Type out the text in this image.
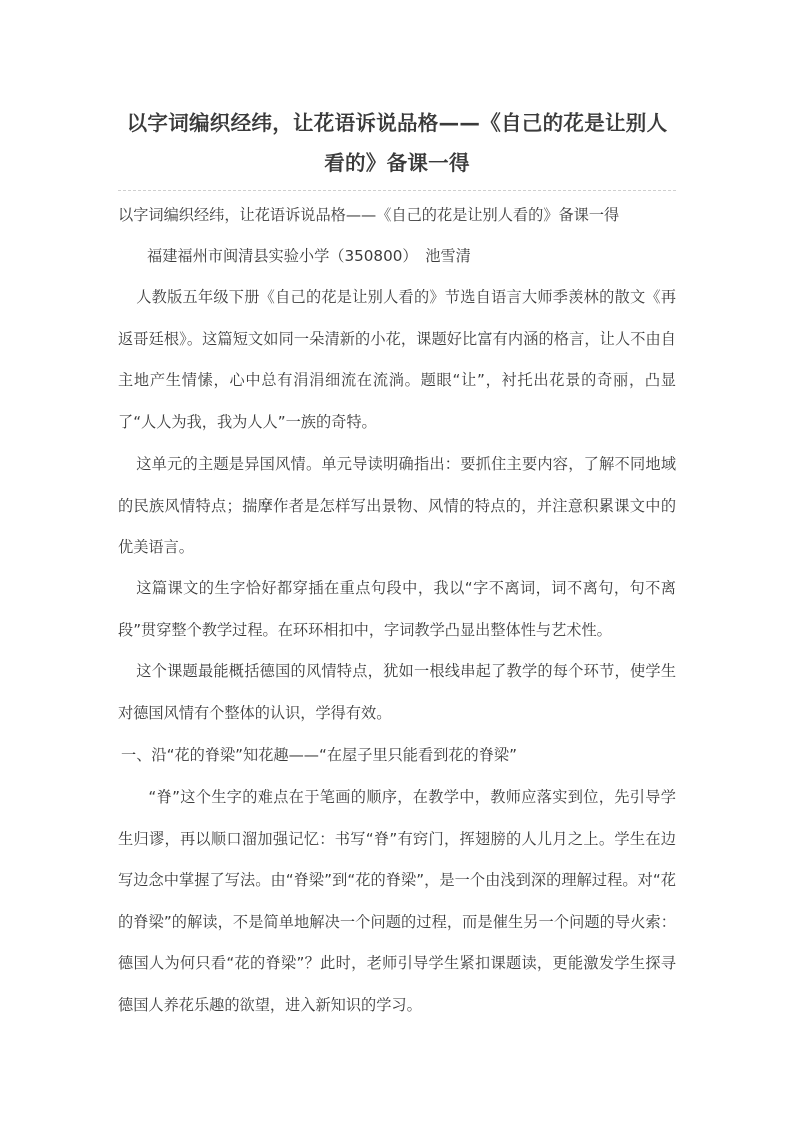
以字词编织经纬，让花语诉说品格——《自己的花是让别人看的》备课一得
以字词编织经纬，让花语诉说品格——《自己的花是让别人看的》备课一得
福建福州市闽清县实验小学（350800）　池雪清

人教版五年级下册《自己的花是让别人看的》节选自语言大师季羡林的散文《再返哥廷根》。这篇短文如同一朵清新的小花，课题好比富有内涵的格言，让人不由自主地产生情愫，心中总有涓涓细流在流淌。题眼“让”，衬托出花景的奇丽，凸显了“人人为我，我为人人”一族的奇特。

这单元的主题是异国风情。单元导读明确指出：要抓住主要内容，了解不同地域的民族风情特点；揣摩作者是怎样写出景物、风情的特点的，并注意积累课文中的优美语言。

这篇课文的生字恰好都穿插在重点句段中，我以“字不离词，词不离句，句不离段”贯穿整个教学过程。在环环相扣中，字词教学凸显出整体性与艺术性。

这个课题最能概括德国的风情特点，犹如一根线串起了教学的每个环节，使学生对德国风情有个整体的认识，学得有效。

一、沿“花的脊梁”知花趣——“在屋子里只能看到花的脊梁”

“脊”这个生字的难点在于笔画的顺序，在教学中，教师应落实到位，先引导学生归谬，再以顺口溜加强记忆：书写“脊”有窍门，挥翅膀的人儿月之上。学生在边写边念中掌握了写法。由“脊梁”到“花的脊梁”，是一个由浅到深的理解过程。对“花的脊梁”的解读，不是简单地解决一个问题的过程，而是催生另一个问题的导火索：德国人为何只看“花的脊梁”？此时，老师引导学生紧扣课题读，更能激发学生探寻德国人养花乐趣的欲望，进入新知识的学习。
